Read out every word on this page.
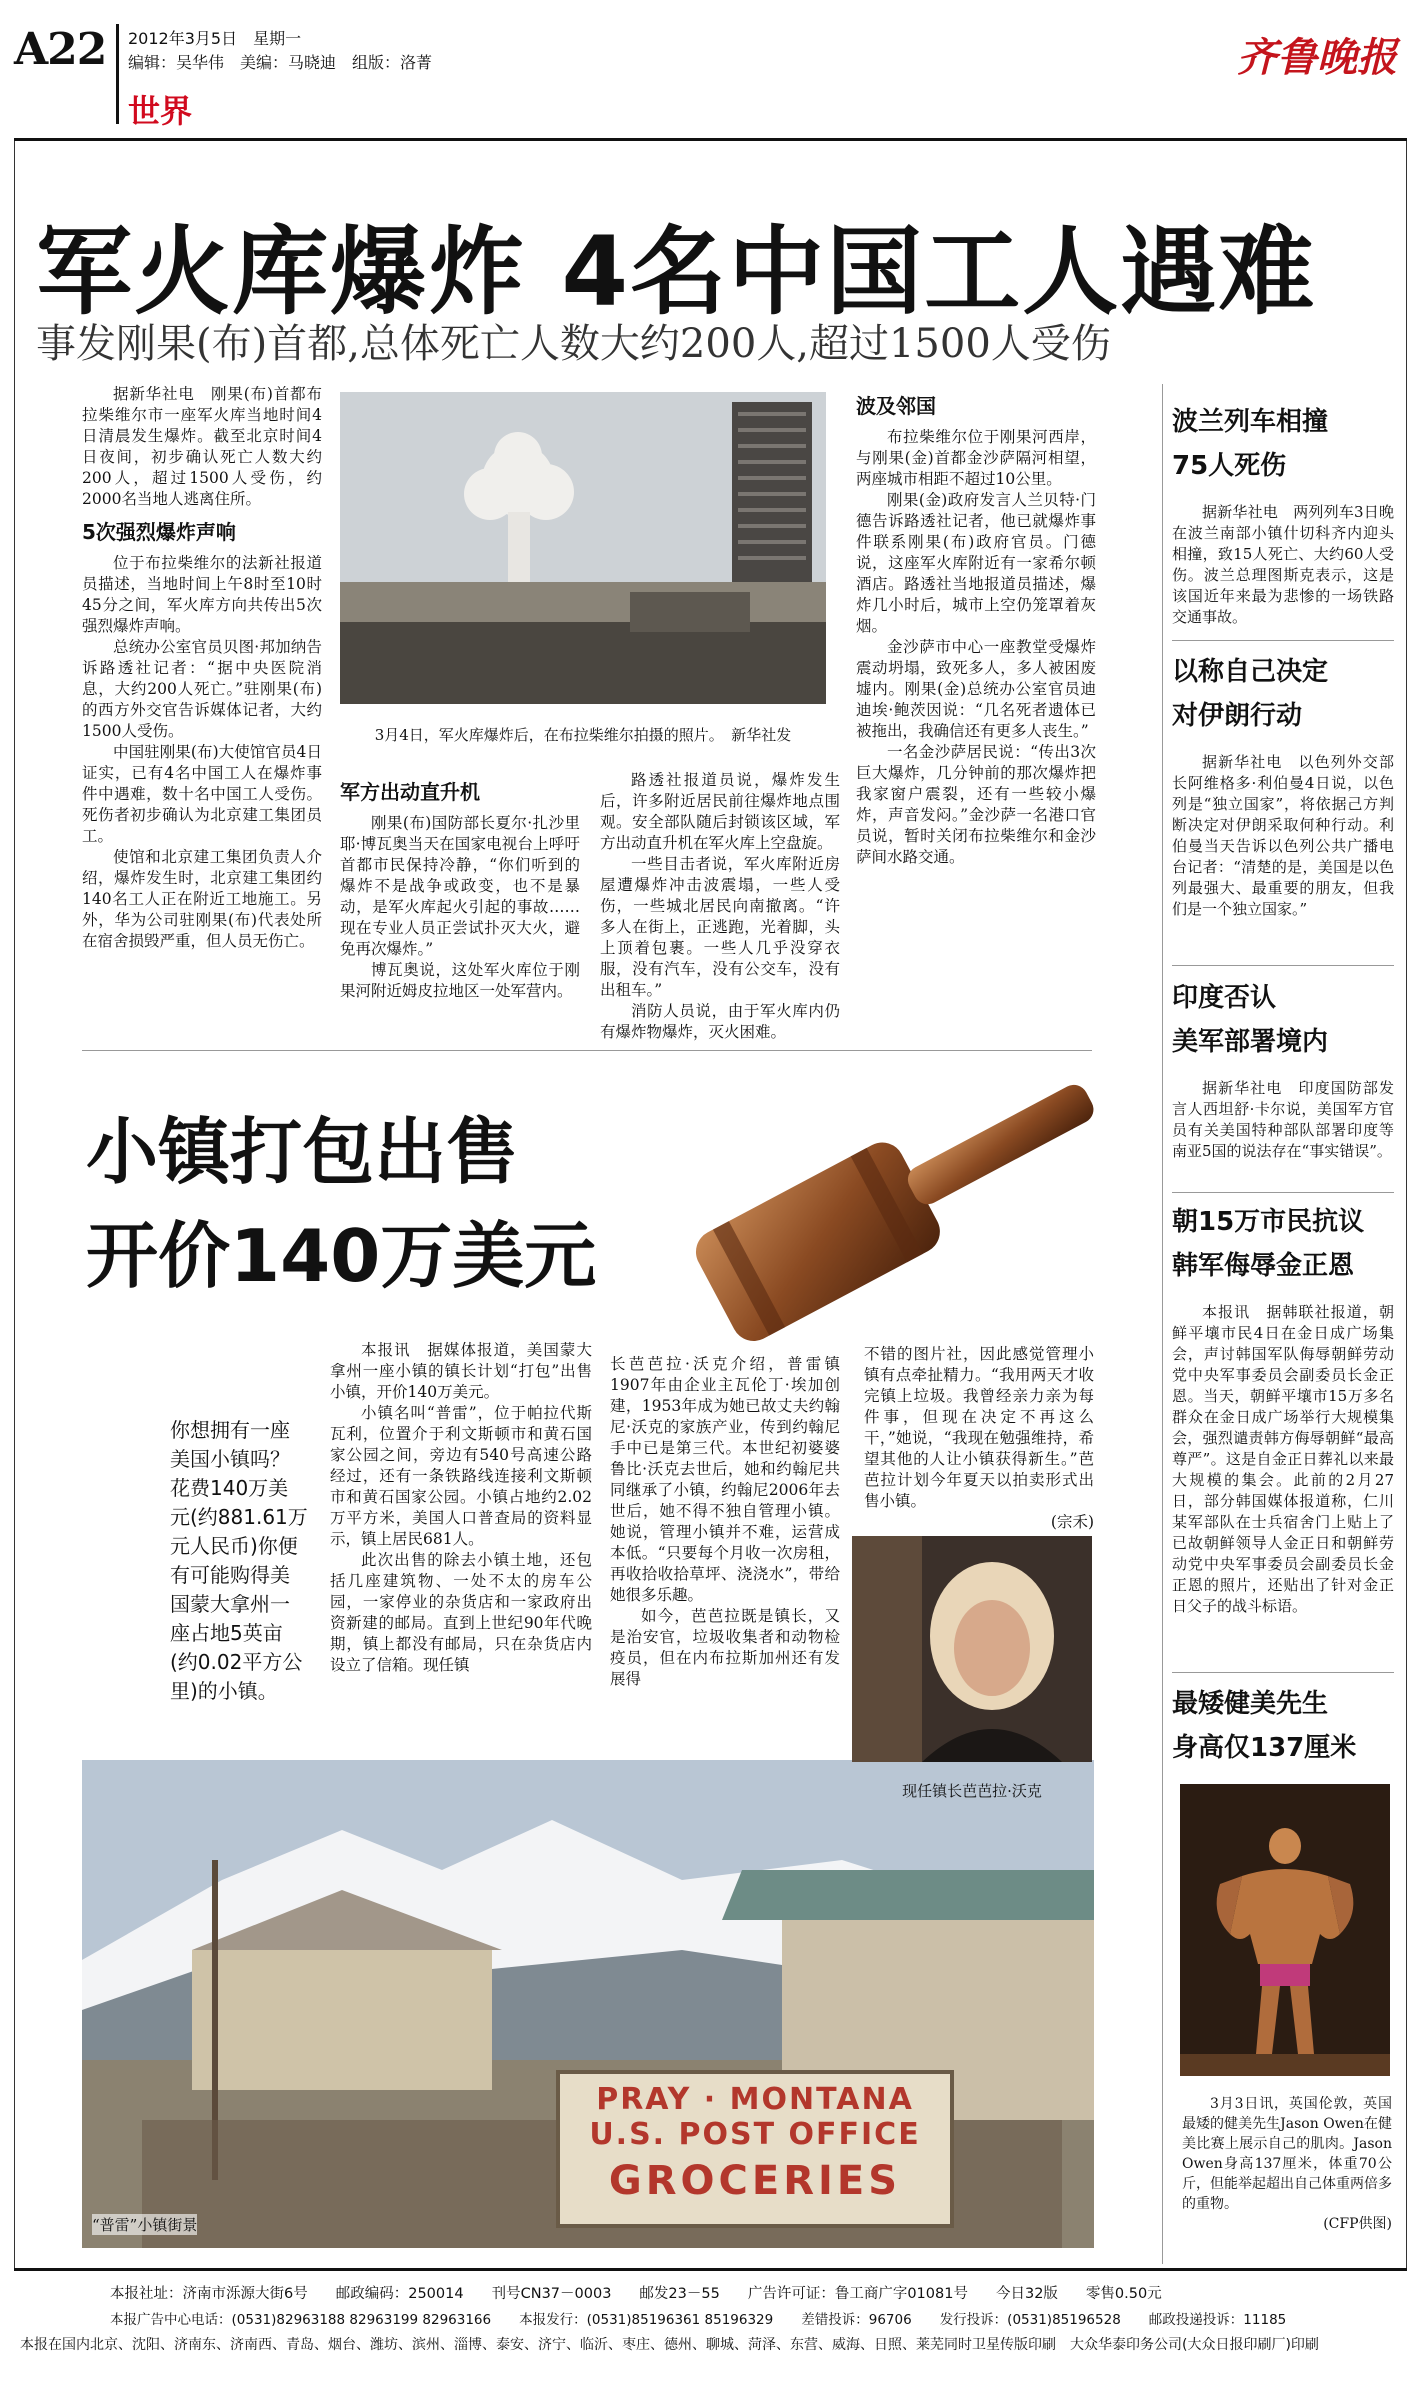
A22 2012年3月5日　星期一
编辑：吴华伟　美编：马晓迪　组版：洛菁
世界
齐鲁晚报
军火库爆炸 4名中国工人遇难
事发刚果(布)首都,总体死亡人数大约200人,超过1500人受伤

据新华社电　刚果(布)首都布拉柴维尔市一座军火库当地时间4日清晨发生爆炸。截至北京时间4日夜间，初步确认死亡人数大约200人，超过1500人受伤，约2000名当地人逃离住所。

5次强烈爆炸声响

位于布拉柴维尔的法新社报道员描述，当地时间上午8时至10时45分之间，军火库方向共传出5次强烈爆炸声响。

总统办公室官员贝图·邦加纳告诉路透社记者：“据中央医院消息，大约200人死亡。”驻刚果(布)的西方外交官告诉媒体记者，大约1500人受伤。

中国驻刚果(布)大使馆官员4日证实，已有4名中国工人在爆炸事件中遇难，数十名中国工人受伤。死伤者初步确认为北京建工集团员工。

使馆和北京建工集团负责人介绍，爆炸发生时，北京建工集团约140名工人正在附近工地施工。另外，华为公司驻刚果(布)代表处所在宿舍损毁严重，但人员无伤亡。

3月4日，军火库爆炸后，在布拉柴维尔拍摄的照片。　新华社发

军方出动直升机

刚果(布)国防部长夏尔·扎沙里耶·博瓦奥当天在国家电视台上呼吁首都市民保持冷静，“你们听到的爆炸不是战争或政变，也不是暴动，是军火库起火引起的事故……现在专业人员正尝试扑灭大火，避免再次爆炸。”

博瓦奥说，这处军火库位于刚果河附近姆皮拉地区一处军营内。

路透社报道员说，爆炸发生后，许多附近居民前往爆炸地点围观。安全部队随后封锁该区域，军方出动直升机在军火库上空盘旋。

一些目击者说，军火库附近房屋遭爆炸冲击波震塌，一些人受伤，一些城北居民向南撤离。“许多人在街上，正逃跑，光着脚，头上顶着包裹。一些人几乎没穿衣服，没有汽车，没有公交车，没有出租车。”

消防人员说，由于军火库内仍有爆炸物爆炸，灭火困难。

波及邻国

布拉柴维尔位于刚果河西岸，与刚果(金)首都金沙萨隔河相望，两座城市相距不超过10公里。

刚果(金)政府发言人兰贝特·门德告诉路透社记者，他已就爆炸事件联系刚果(布)政府官员。门德说，这座军火库附近有一家希尔顿酒店。路透社当地报道员描述，爆炸几小时后，城市上空仍笼罩着灰烟。

金沙萨市中心一座教堂受爆炸震动坍塌，致死多人，多人被困废墟内。刚果(金)总统办公室官员迪迪埃·鲍茨因说：“几名死者遗体已被拖出，我确信还有更多人丧生。”

一名金沙萨居民说：“传出3次巨大爆炸，几分钟前的那次爆炸把我家窗户震裂，还有一些较小爆炸，声音发闷。”金沙萨一名港口官员说，暂时关闭布拉柴维尔和金沙萨间水路交通。

波兰列车相撞
75人死伤

据新华社电　两列列车3日晚在波兰南部小镇什切科齐内迎头相撞，致15人死亡、大约60人受伤。波兰总理图斯克表示，这是该国近年来最为悲惨的一场铁路交通事故。

以称自己决定
对伊朗行动

据新华社电　以色列外交部长阿维格多·利伯曼4日说，以色列是“独立国家”，将依据己方判断决定对伊朗采取何种行动。利伯曼当天告诉以色列公共广播电台记者：“清楚的是，美国是以色列最强大、最重要的朋友，但我们是一个独立国家。”

印度否认
美军部署境内

据新华社电　印度国防部发言人西坦舒·卡尔说，美国军方官员有关美国特种部队部署印度等南亚5国的说法存在“事实错误”。

朝15万市民抗议
韩军侮辱金正恩

本报讯　据韩联社报道，朝鲜平壤市民4日在金日成广场集会，声讨韩国军队侮辱朝鲜劳动党中央军事委员会副委员长金正恩。当天，朝鲜平壤市15万多名群众在金日成广场举行大规模集会，强烈谴责韩方侮辱朝鲜“最高尊严”。这是自金正日葬礼以来最大规模的集会。此前的2月27日，部分韩国媒体报道称，仁川某军部队在士兵宿舍门上贴上了已故朝鲜领导人金正日和朝鲜劳动党中央军事委员会副委员长金正恩的照片，还贴出了针对金正日父子的战斗标语。

最矮健美先生
身高仅137厘米

3月3日讯，英国伦敦，英国最矮的健美先生Jason Owen在健美比赛上展示自己的肌肉。Jason Owen身高137厘米，体重70公斤，但能举起超出自己体重两倍多的重物。

(CFP供图)
小镇打包出售
开价140万美元
你想拥有一座美国小镇吗？花费140万美元(约881.61万元人民币)你便有可能购得美国蒙大拿州一座占地5英亩(约0.02平方公里)的小镇。

本报讯　据媒体报道，美国蒙大拿州一座小镇的镇长计划“打包”出售小镇，开价140万美元。

小镇名叫“普雷”，位于帕拉代斯瓦利，位置介于利文斯顿市和黄石国家公园之间，旁边有540号高速公路经过，还有一条铁路线连接利文斯顿市和黄石国家公园。小镇占地约2.02万平方米，美国人口普查局的资料显示，镇上居民681人。

此次出售的除去小镇土地，还包括几座建筑物、一处不太的房车公园，一家停业的杂货店和一家政府出资新建的邮局。直到上世纪90年代晚期，镇上都没有邮局，只在杂货店内设立了信箱。现任镇

长芭芭拉·沃克介绍，普雷镇1907年由企业主瓦伦丁·埃加创建，1953年成为她已故丈夫约翰尼·沃克的家族产业，传到约翰尼手中已是第三代。本世纪初婆婆鲁比·沃克去世后，她和约翰尼共同继承了小镇，约翰尼2006年去世后，她不得不独自管理小镇。她说，管理小镇并不难，运营成本低。“只要每个月收一次房租，再收拾收拾草坪、浇浇水”，带给她很多乐趣。

如今，芭芭拉既是镇长，又是治安官，垃圾收集者和动物检疫员，但在内布拉斯加州还有发展得

不错的图片社，因此感觉管理小镇有点牵扯精力。“我用两天才收完镇上垃圾。我曾经亲力亲为每件事，但现在决定不再这么干，”她说，“我现在勉强维持，希望其他的人让小镇获得新生。”芭芭拉计划今年夏天以拍卖形式出售小镇。

(宗禾)
PRAY · MONTANA
U.S. POST OFFICE
GROCERIES
“普雷”小镇街景
现任镇长芭芭拉·沃克
本报社址：济南市泺源大街6号 邮政编码：250014 刊号CN37－0003 邮发23－55 广告许可证：鲁工商广字01081号 今日32版 零售0.50元
本报广告中心电话：(0531)82963188 82963199 82963166 本报发行：(0531)85196361 85196329 差错投诉：96706 发行投诉：(0531)85196528 邮政投递投诉：11185
本报在国内北京、沈阳、济南东、济南西、青岛、烟台、潍坊、滨州、淄博、泰安、济宁、临沂、枣庄、德州、聊城、菏泽、东营、威海、日照、莱芜同时卫星传版印刷　大众华泰印务公司(大众日报印刷厂)印刷
